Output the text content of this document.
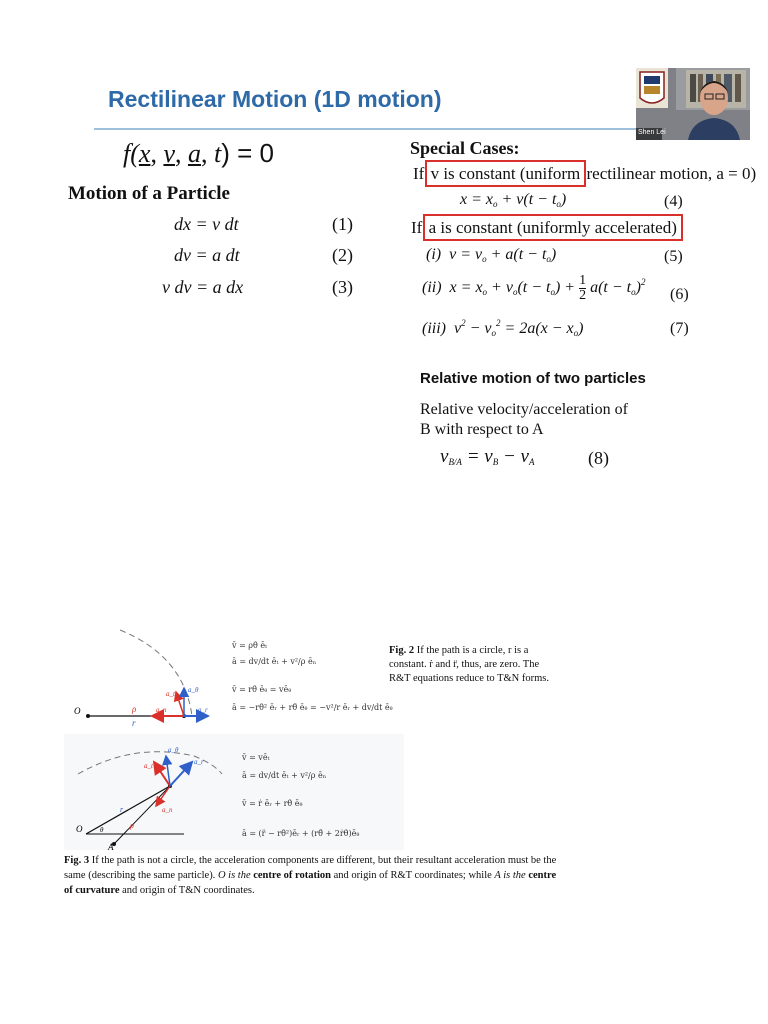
Rectilinear Motion (1D motion)
Shen Lei
f(x, v, a, t) = 0
Motion of a Particle
dx = v dt	(1)
dv = a dt	(2)
v dv = a dx	(3)
Special Cases:
If v is constant (uniform rectilinear motion, a = 0)
$x = x_o + v(t - t_o)$	(4)
If a is constant (uniformly accelerated)
(i) $v = v_o + a(t - t_o)$	(5)
(ii) $x = x_o + v_o(t - t_o) + \frac{1}{2} a(t - t_o)^2$
(6)
(iii) $v^2 - v_o^2 = 2a(x - x_o)$	(7)
Relative motion of two particles
Relative velocity/acceleration of B with respect to A
$v_{B/A} = v_B - v_A$	(8)
O	ρ
r
a_n	a_r
a_t a_θ
v̄ = ρθ̇ ēt
ā = dv/dt ēt + v²/ρ ēn
v̄ = rθ̇ ēθ = vēθ
ā = −rθ̇² ēr + rθ̈ ēθ = −v²/r ēr + dv/dt ēθ
Fig. 2 If the path is a circle, r is a constant. ṙ and r̈, thus, are zero. The R&T equations reduce to T&N forms.
O
A
r
ρ
θ
a_t
a_n
a_r
a_θ
v̄ = vēt
ā = dv/dt ēt + v²/ρ ēn
v̄ = ṙ ēr + rθ̇ ēθ
ā = (r̈ − rθ̇²)ēr + (rθ̈ + 2ṙθ̇)ēθ
Fig. 3 If the path is not a circle, the acceleration components are different, but their resultant acceleration must be the same (describing the same particle). O is the centre of rotation and origin of R&T coordinates; while A is the centre of curvature and origin of T&N coordinates.
